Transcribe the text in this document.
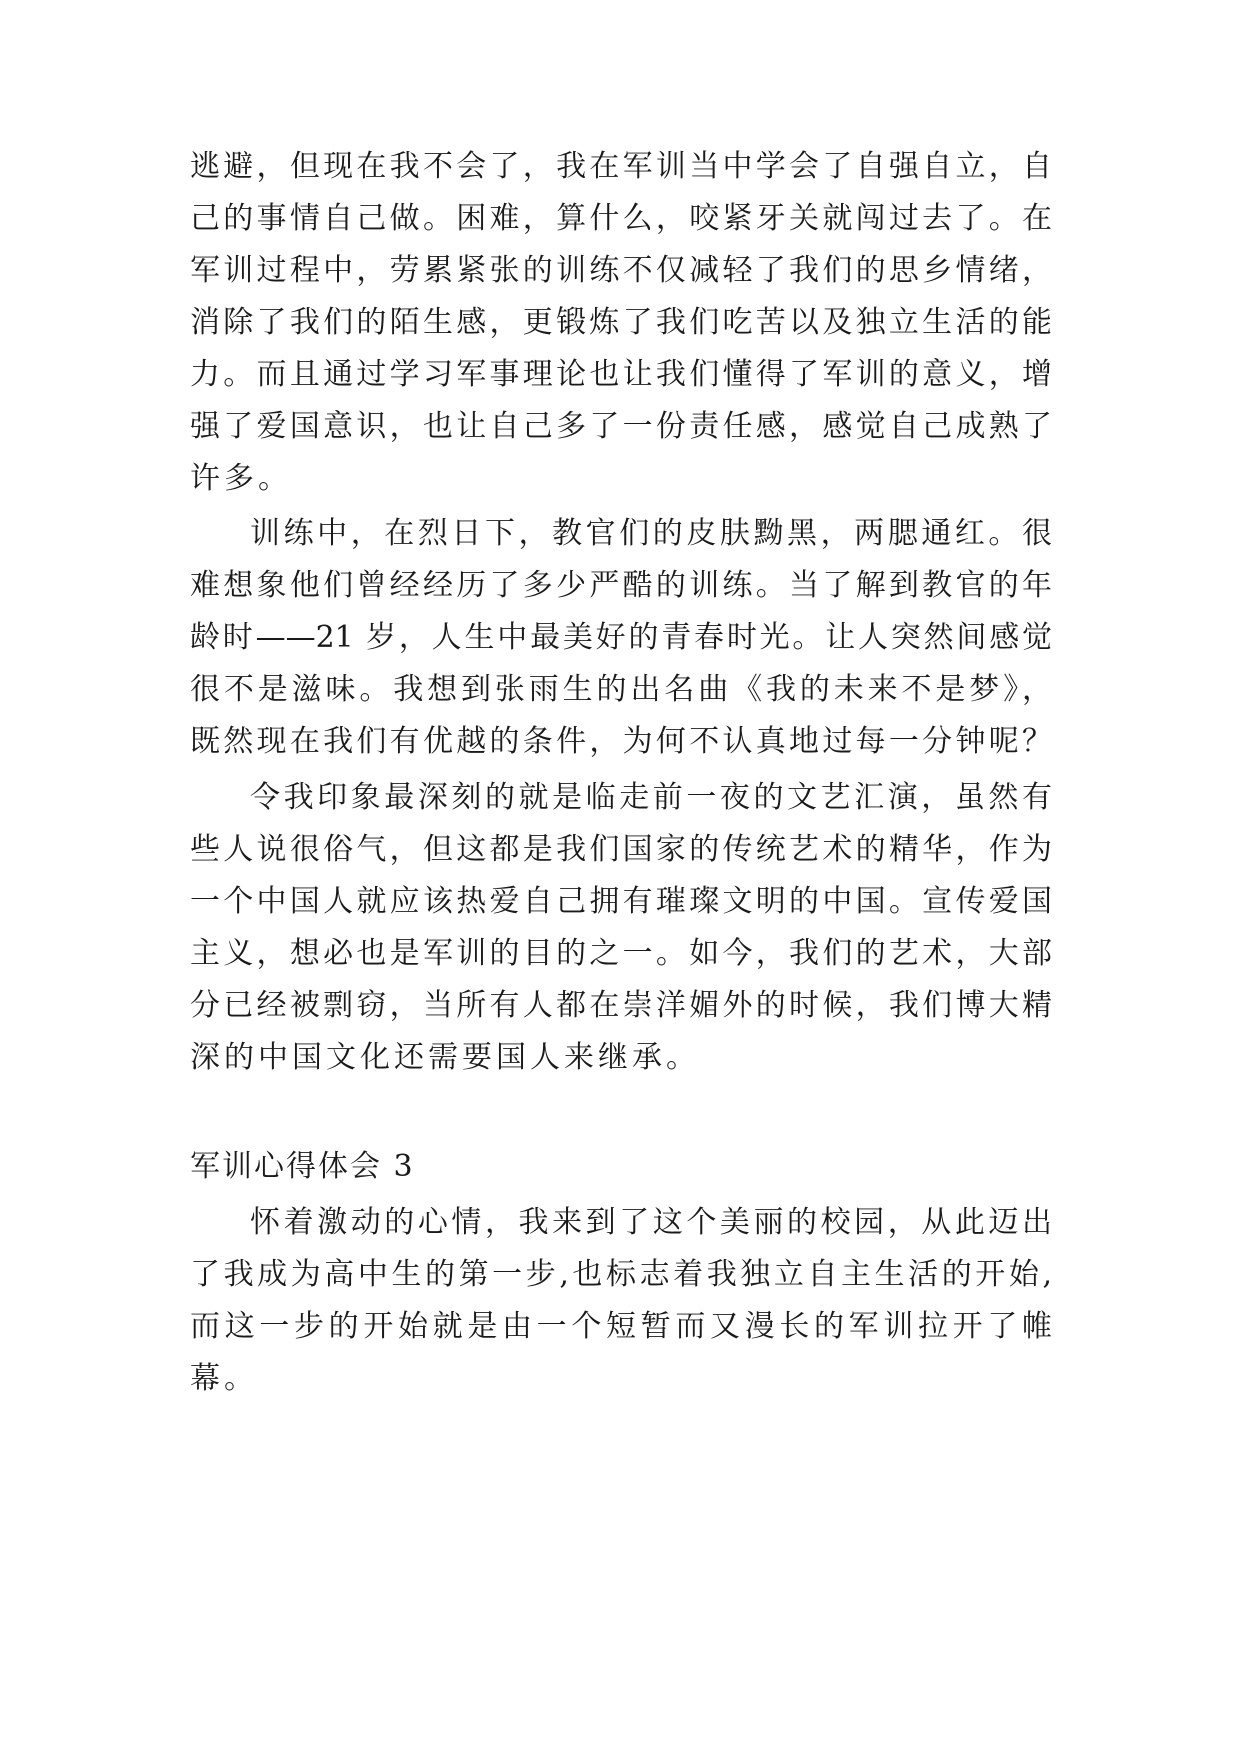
逃避，但现在我不会了，我在军训当中学会了自强自立，自
己的事情自己做。困难，算什么，咬紧牙关就闯过去了。在
军训过程中，劳累紧张的训练不仅减轻了我们的思乡情绪，
消除了我们的陌生感，更锻炼了我们吃苦以及独立生活的能
力。而且通过学习军事理论也让我们懂得了军训的意义，增
强了爱国意识，也让自己多了一份责任感，感觉自己成熟了
许多。
训练中，在烈日下，教官们的皮肤黝黑，两腮通红。很
难想象他们曾经经历了多少严酷的训练。当了解到教官的年
龄时——21 岁，人生中最美好的青春时光。让人突然间感觉
很不是滋味。我想到张雨生的出名曲《我的未来不是梦》，
既然现在我们有优越的条件，为何不认真地过每一分钟呢？
令我印象最深刻的就是临走前一夜的文艺汇演，虽然有
些人说很俗气，但这都是我们国家的传统艺术的精华，作为
一个中国人就应该热爱自己拥有璀璨文明的中国。宣传爱国
主义，想必也是军训的目的之一。如今，我们的艺术，大部
分已经被剽窃，当所有人都在崇洋媚外的时候，我们博大精
深的中国文化还需要国人来继承。
军训心得体会 3
怀着激动的心情，我来到了这个美丽的校园，从此迈出
了我成为高中生的第一步,也标志着我独立自主生活的开始,
而这一步的开始就是由一个短暂而又漫长的军训拉开了帷
幕。
